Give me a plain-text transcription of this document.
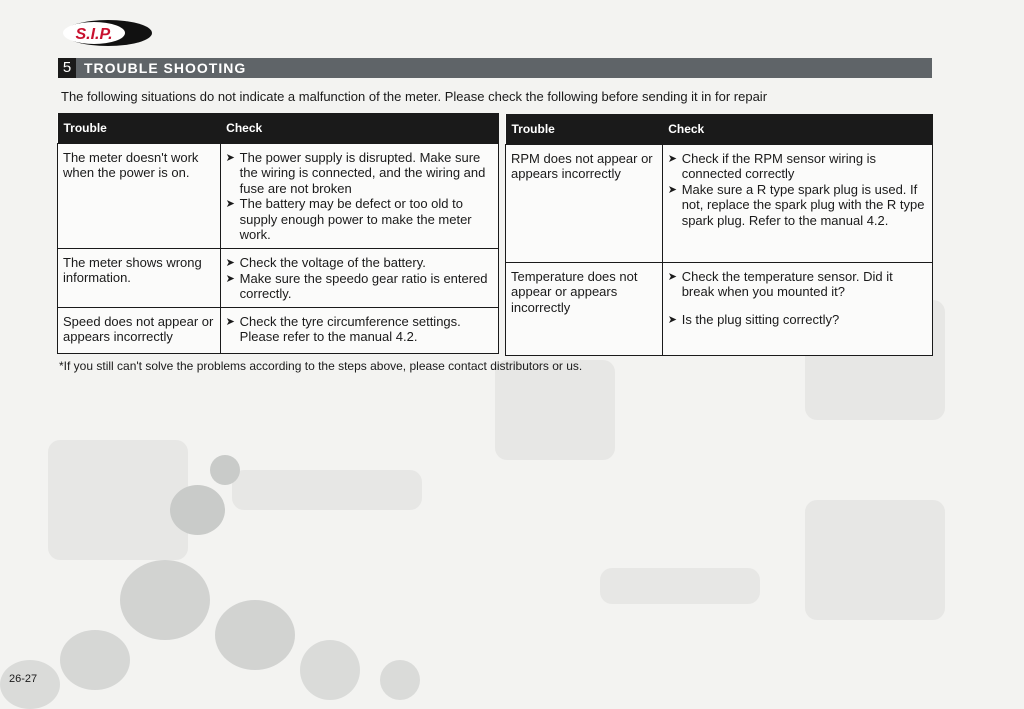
S.I.P.
5 TROUBLE SHOOTING
The following situations do not indicate a malfunction of the meter. Please check the following before sending it in for repair
Trouble	Check
The meter doesn't work when the power is on.	➤ The power supply is disrupted. Make sure the wiring is connected, and the wiring and fuse are not broken
➤ The battery may be defect or too old to supply enough power to make the meter work.

The meter shows wrong information.	➤ Check the voltage of the battery.
➤ Make sure the speedo gear ratio is entered correctly.

Speed does not appear or appears incorrectly	➤ Check the tyre circumference settings. Please refer to the manual 4.2.
Trouble	Check
RPM does not appear or appears incorrectly	➤ Check if the RPM sensor wiring is connected correctly
➤ Make sure a R type spark plug is used. If not, replace the spark plug with the R type spark plug. Refer to the manual 4.2.

Temperature does not appear or appears incorrectly	➤ Check the temperature sensor. Did it break when you mounted it?
➤ Is the plug sitting correctly?
*If you still can't solve the problems according to the steps above, please contact distributors or us.
26-27
